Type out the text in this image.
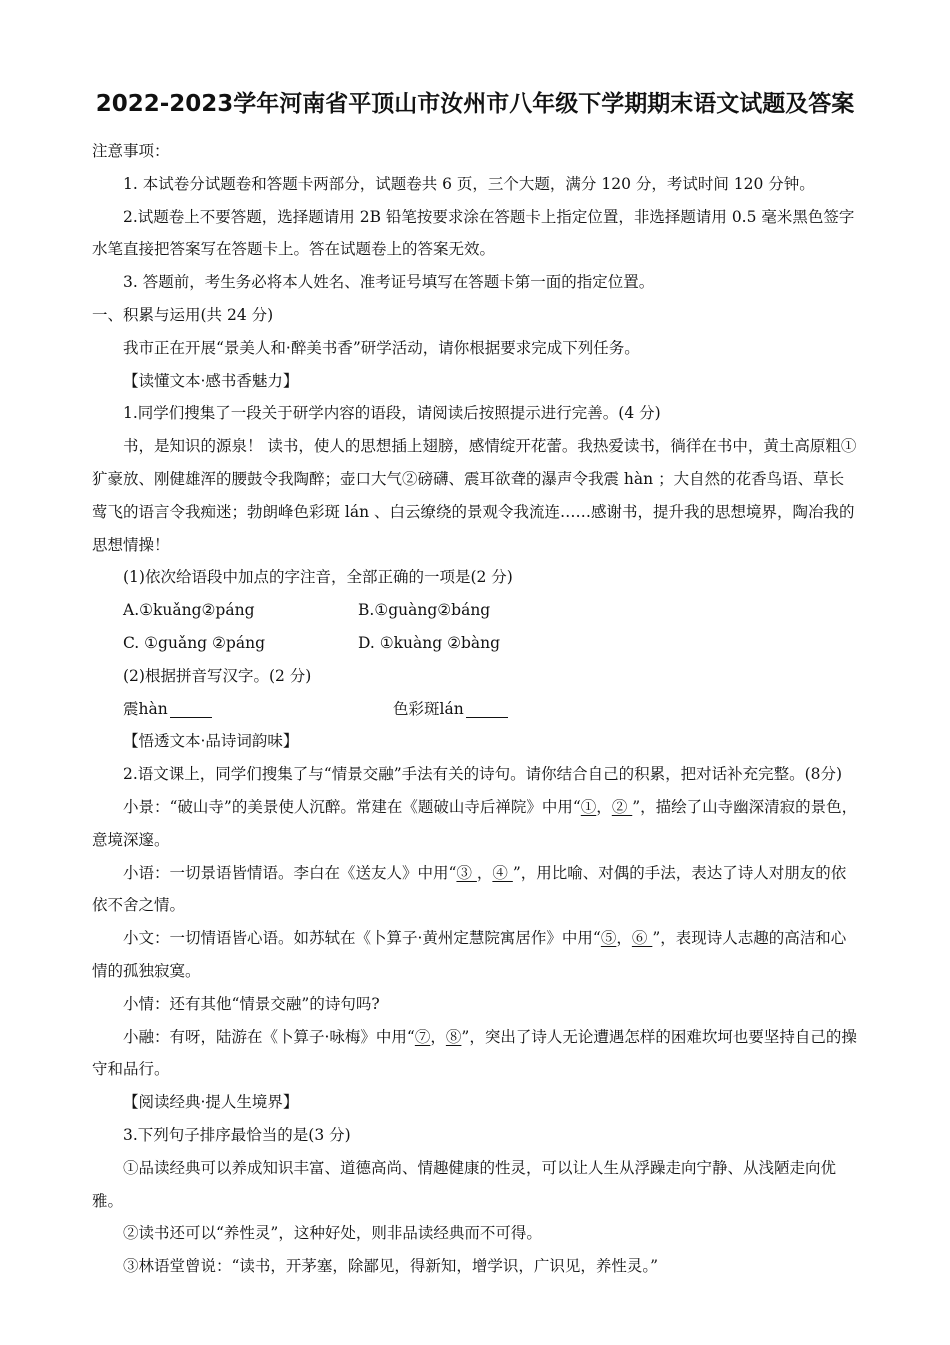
2022-2023学年河南省平顶山市汝州市八年级下学期期末语文试题及答案

注意事项：

1. 本试卷分试题卷和答题卡两部分，试题卷共 6 页，三个大题，满分 120 分，考试时间 120 分钟。

2.试题卷上不要答题，选择题请用 2B 铅笔按要求涂在答题卡上指定位置，非选择题请用 0.5 毫米黑色签字水笔直接把答案写在答题卡上。答在试题卷上的答案无效。

3. 答题前，考生务必将本人姓名、准考证号填写在答题卡第一面的指定位置。

一、积累与运用(共 24 分)

我市正在开展“景美人和·醉美书香”研学活动，请你根据要求完成下列任务。

【读懂文本·感书香魅力】

1.同学们搜集了一段关于研学内容的语段，请阅读后按照提示进行完善。(4 分)

书，是知识的源泉！ 读书，使人的思想插上翅膀，感情绽开花蕾。我热爱读书，徜徉在书中，黄土高原粗①犷豪放、刚健雄浑的腰鼓令我陶醉；壶口大气②磅礴、震耳欲聋的瀑声令我震 hàn ；大自然的花香鸟语、草长莺飞的语言令我痴迷；勃朗峰色彩斑 lán 、白云缭绕的景观令我流连……感谢书，提升我的思想境界，陶冶我的思想情操！

(1)依次给语段中加点的字注音，全部正确的一项是(2 分)

A.①kuǎng②páng	B.①guàng②báng
C. ①guǎng ②páng	D. ①kuàng ②bàng

(2)根据拼音写汉字。(2 分)

震hàn	色彩斑lán

【悟透文本·品诗词韵味】

2.语文课上，同学们搜集了与“情景交融”手法有关的诗句。请你结合自己的积累，把对话补充完整。(8分)

小景：“破山寺”的美景使人沉醉。常建在《题破山寺后禅院》中用“①，② ”，描绘了山寺幽深清寂的景色，意境深邃。

小语：一切景语皆情语。李白在《送友人》中用“③ ，④ ”，用比喻、对偶的手法，表达了诗人对朋友的依依不舍之情。

小文：一切情语皆心语。如苏轼在《卜算子·黄州定慧院寓居作》中用“⑤，⑥ ”，表现诗人志趣的高洁和心情的孤独寂寞。

小情：还有其他“情景交融”的诗句吗?

小融：有呀，陆游在《卜算子·咏梅》中用“⑦，⑧”，突出了诗人无论遭遇怎样的困难坎坷也要坚持自己的操守和品行。

【阅读经典·提人生境界】

3.下列句子排序最恰当的是(3 分)

①品读经典可以养成知识丰富、道德高尚、情趣健康的性灵，可以让人生从浮躁走向宁静、从浅陋走向优雅。

②读书还可以“养性灵”，这种好处，则非品读经典而不可得。

③林语堂曾说：“读书，开茅塞，除鄙见，得新知，增学识，广识见，养性灵。”
